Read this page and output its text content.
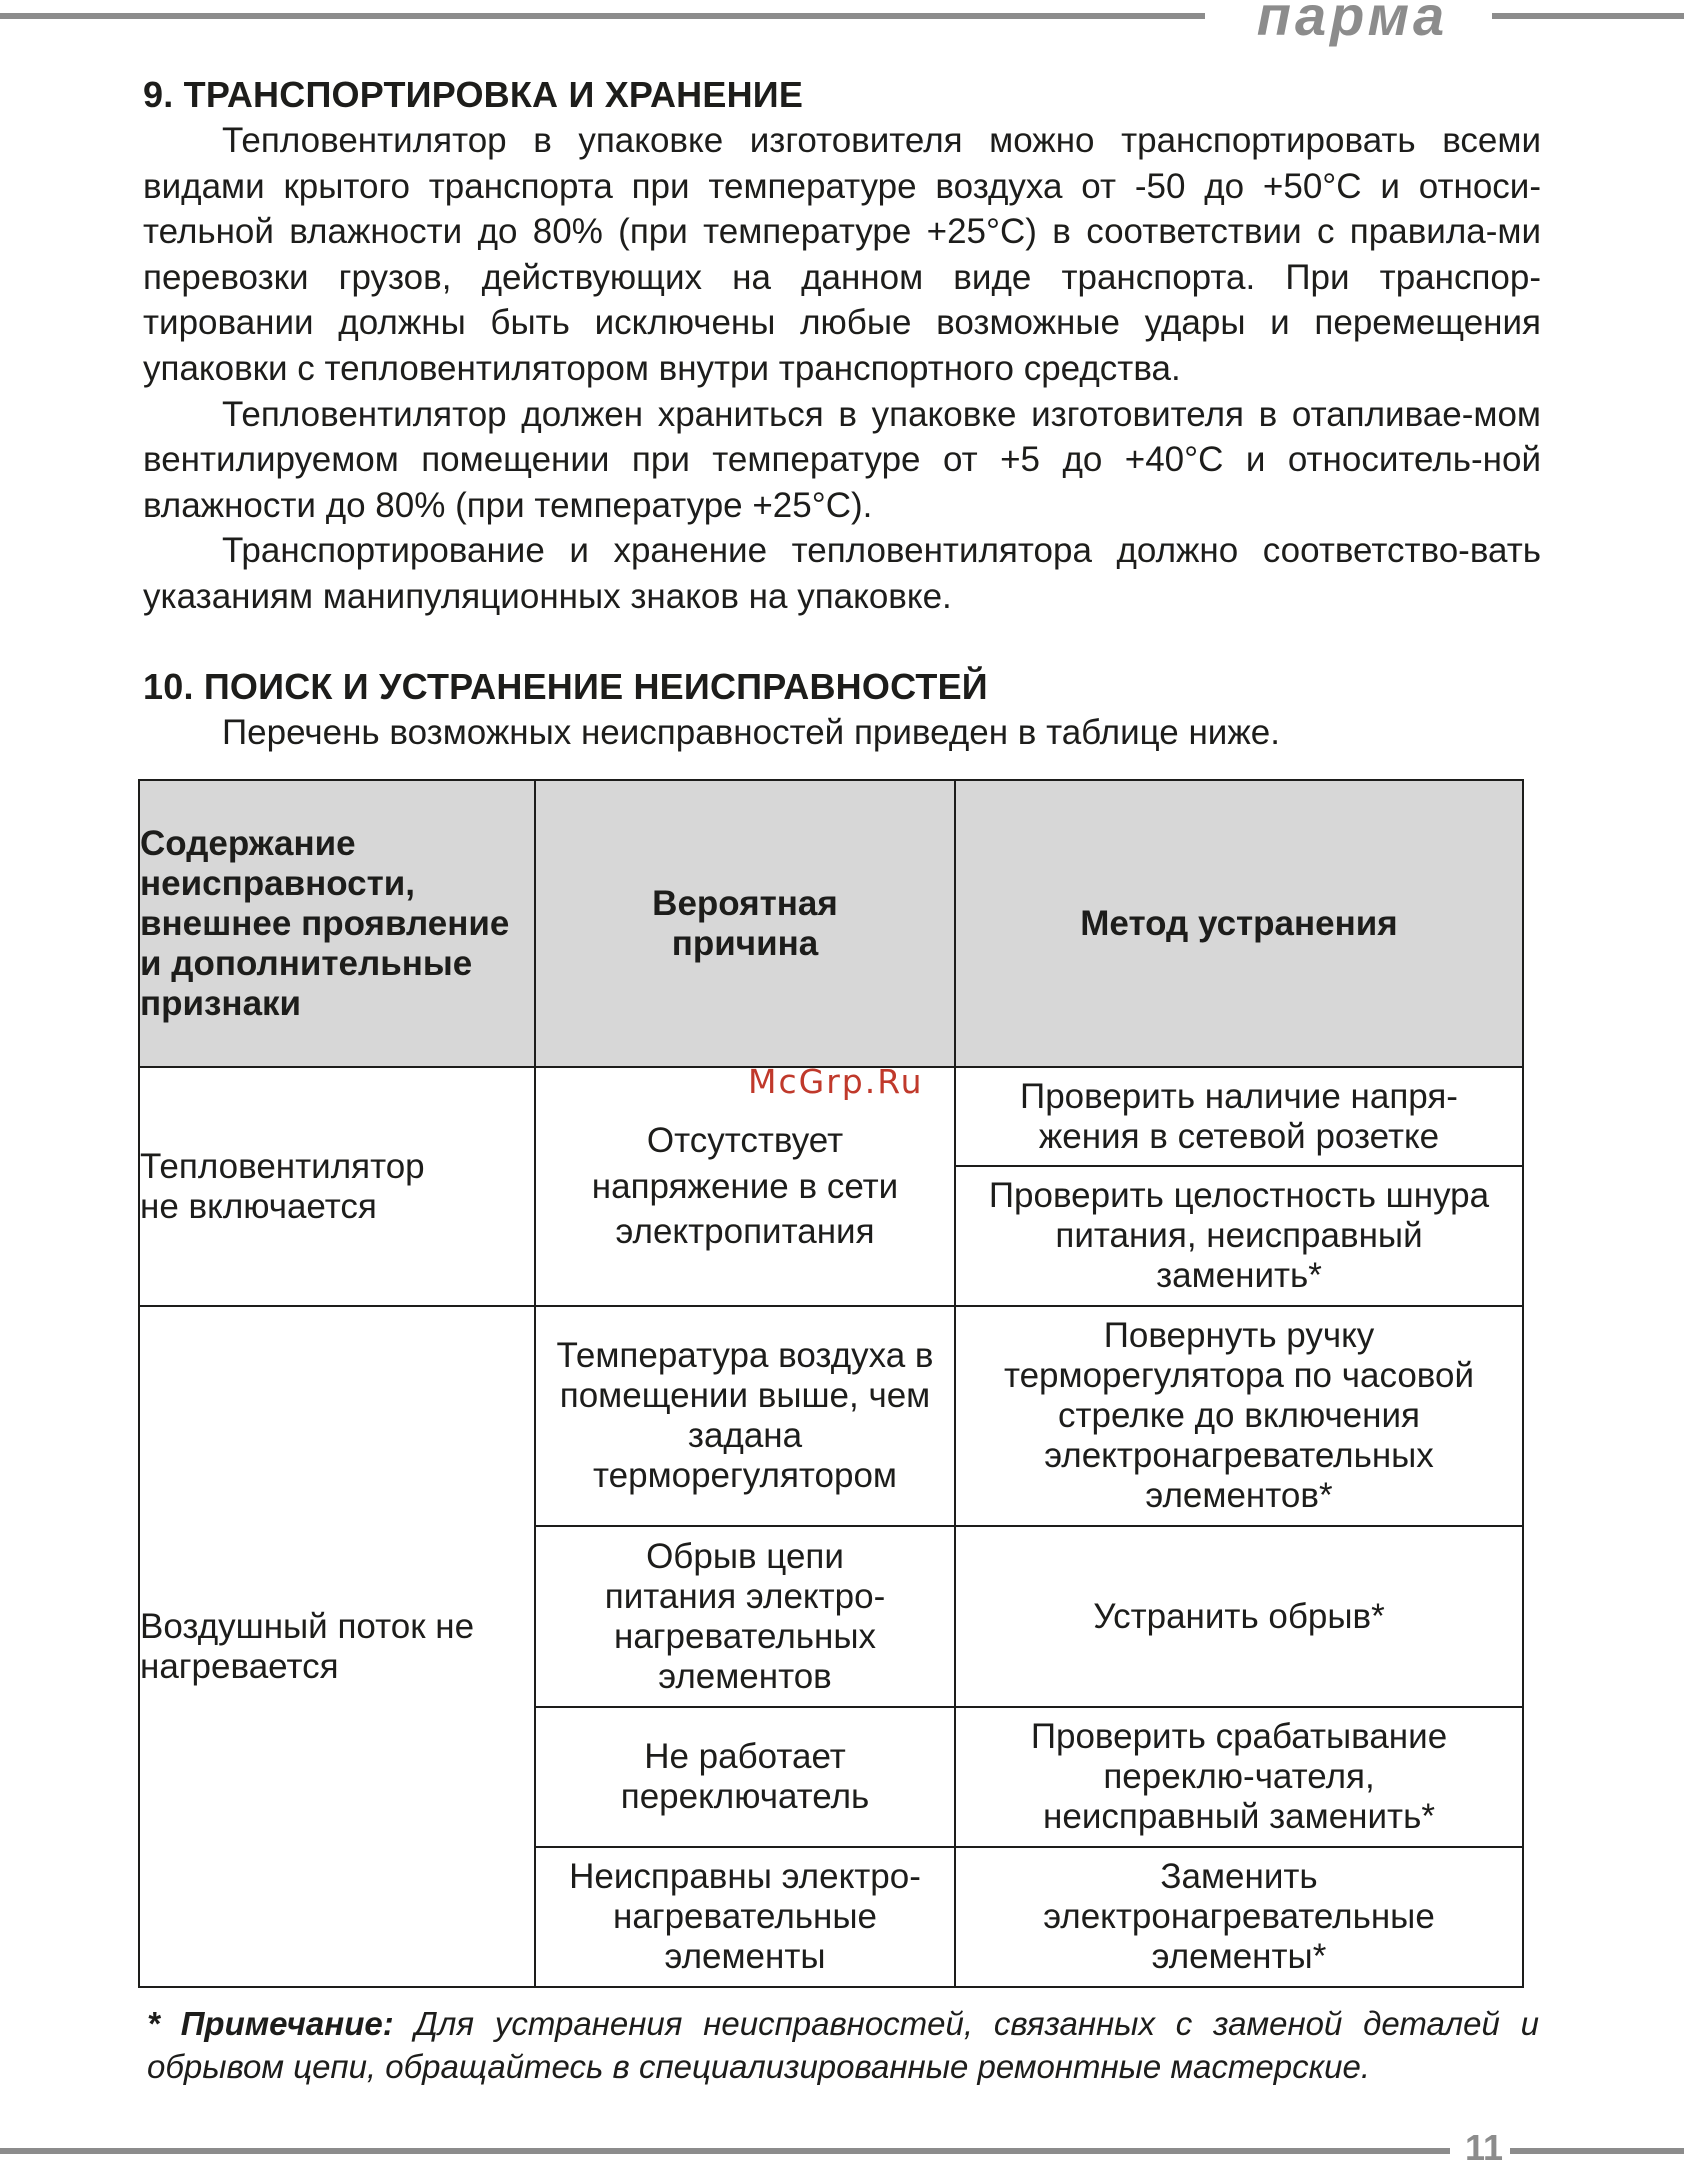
парма
9. ТРАНСПОРТИРОВКА И ХРАНЕНИЕ

Тепловентилятор в упаковке изготовителя можно транспортировать всеми видами крытого транспорта при температуре воздуха от -50 до +50°С и относи-тельной влажности до 80% (при температуре +25°С) в соответствии с правила-ми перевозки грузов, действующих на данном виде транспорта. При транспор-тировании должны быть исключены любые возможные удары и перемещения упаковки с тепловентилятором внутри транспортного средства.

Тепловентилятор должен храниться в упаковке изготовителя в отапливае-мом вентилируемом помещении при температуре от +5 до +40°С и относитель-ной влажности до 80% (при температуре +25°С).

Транспортирование и хранение тепловентилятора должно соответство-вать указаниям манипуляционных знаков на упаковке.

10. ПОИСК И УСТРАНЕНИЕ НЕИСПРАВНОСТЕЙ

Перечень возможных неисправностей приведен в таблице ниже.

Содержание неисправности, внешнее проявление и дополнительные признаки	Вероятная причина	Метод устранения

Тепловентилятор не включается	Отсутствует напряжение в сети электропитания	Проверить наличие напря-жения в сетевой розетке

		Проверить целостность шнура питания, неисправный заменить*

Воздушный поток не нагревается	Температура воздуха в помещении выше, чем задана терморегулятором	Повернуть ручку терморегулятора по часовой стрелке до включения электронагревательных элементов*

	Обрыв цепи питания электро-нагревательных элементов	Устранить обрыв*

	Не работает переключатель	Проверить срабатывание переклю-чателя, неисправный заменить*

	Неисправны электро-нагревательные элементы	Заменить электронагревательные элементы*
McGrp.Ru
* Примечание: Для устранения неисправностей, связанных с заменой деталей и обрывом цепи, обращайтесь в специализированные ремонтные мастерские.
11
